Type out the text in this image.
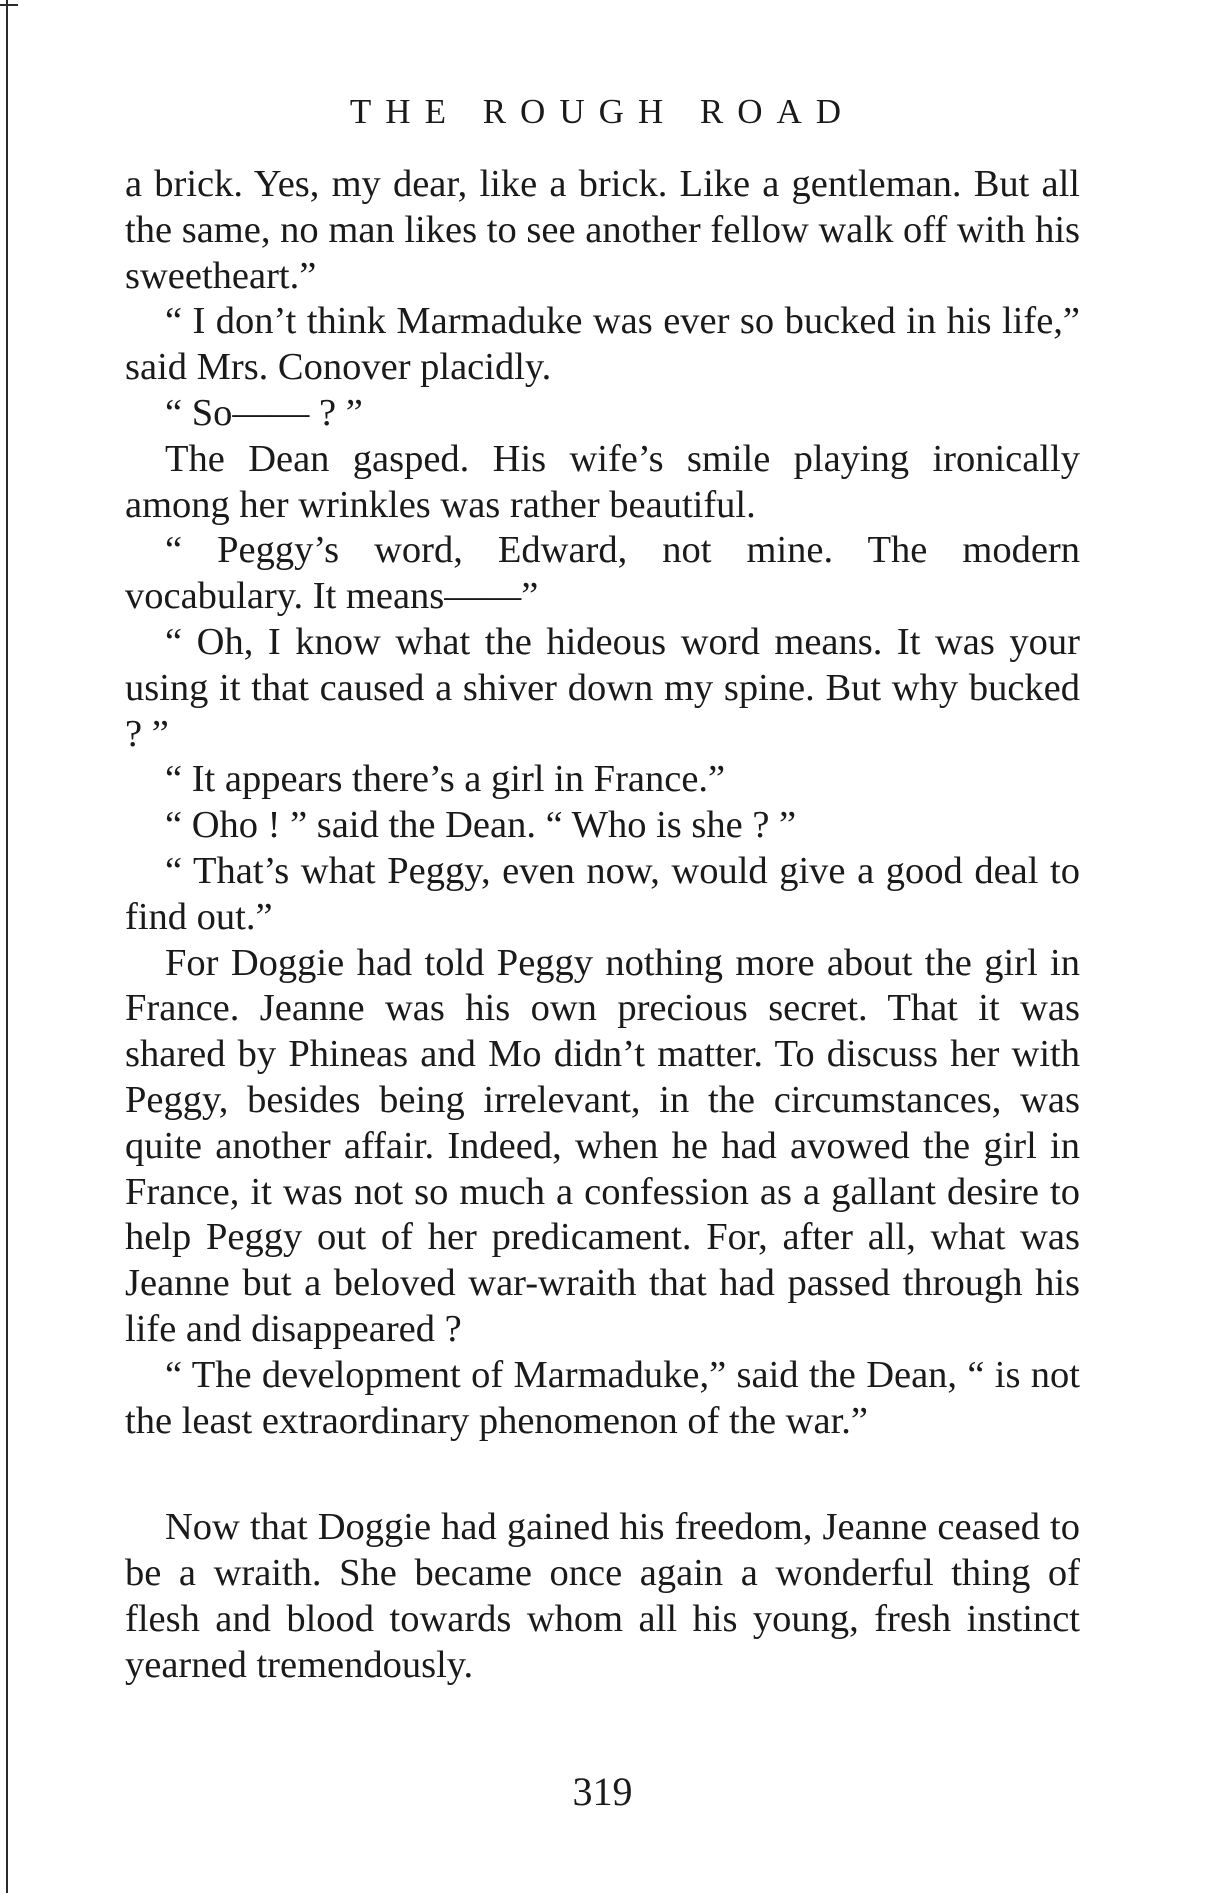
THE ROUGH ROAD

a brick. Yes, my dear, like a brick. Like a gentleman. But all the same, no man likes to see another fellow walk off with his sweetheart.”

“ I don’t think Marmaduke was ever so bucked in his life,” said Mrs. Conover placidly.

“ So—— ? ”

The Dean gasped. His wife’s smile playing ironically among her wrinkles was rather beautiful.

“ Peggy’s word, Edward, not mine. The modern vocabulary. It means——”

“ Oh, I know what the hideous word means. It was your using it that caused a shiver down my spine. But why bucked ? ”

“ It appears there’s a girl in France.”

“ Oho ! ” said the Dean. “ Who is she ? ”

“ That’s what Peggy, even now, would give a good deal to find out.”

For Doggie had told Peggy nothing more about the girl in France. Jeanne was his own precious secret. That it was shared by Phineas and Mo didn’t matter. To discuss her with Peggy, besides being irrelevant, in the circumstances, was quite another affair. Indeed, when he had avowed the girl in France, it was not so much a confession as a gallant desire to help Peggy out of her predicament. For, after all, what was Jeanne but a beloved war-wraith that had passed through his life and disappeared ?

“ The development of Marmaduke,” said the Dean, “ is not the least extraordinary phenomenon of the war.”

Now that Doggie had gained his freedom, Jeanne ceased to be a wraith. She became once again a wonderful thing of flesh and blood towards whom all his young, fresh instinct yearned tremendously.

319
